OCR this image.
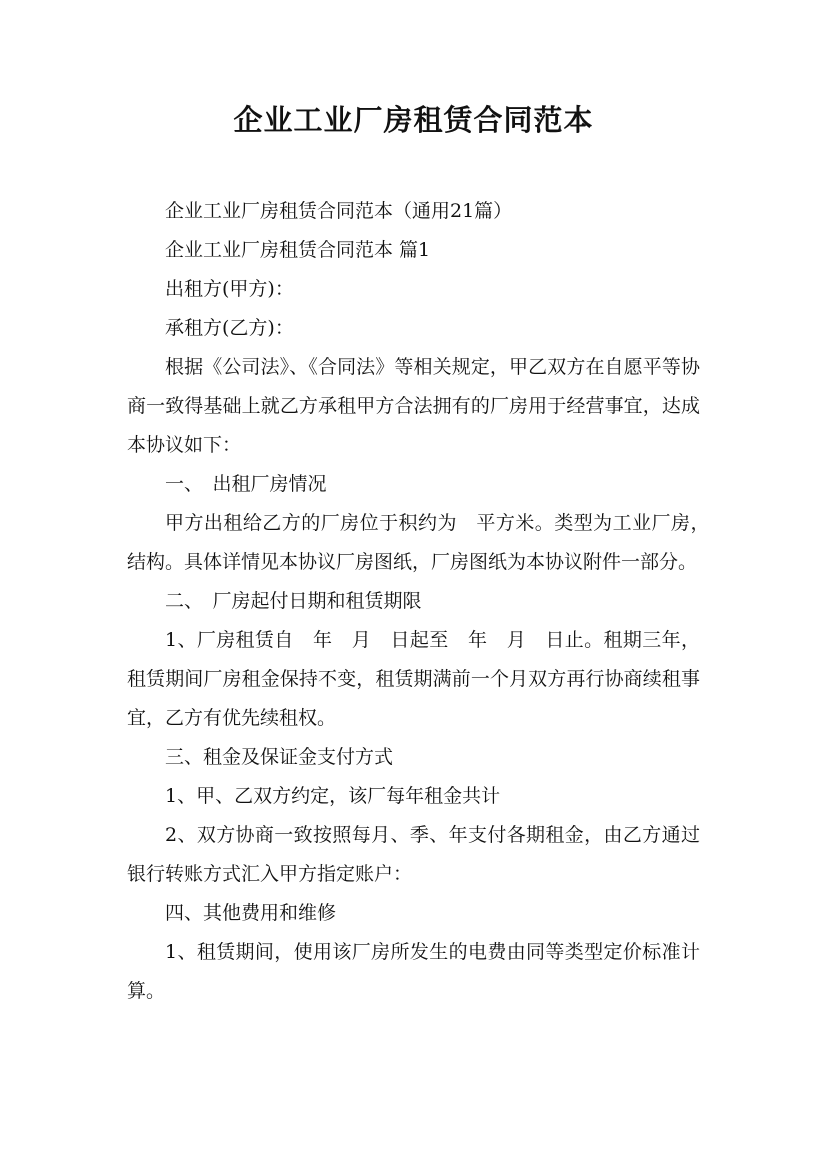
企业工业厂房租赁合同范本

企业工业厂房租赁合同范本（通用21篇）

企业工业厂房租赁合同范本 篇1

出租方(甲方)：

承租方(乙方)：

根据《公司法》、《合同法》等相关规定，甲乙双方在自愿平等协商一致得基础上就乙方承租甲方合法拥有的厂房用于经营事宜，达成本协议如下：

一、　出租厂房情况

甲方出租给乙方的厂房位于积约为　平方米。类型为工业厂房，　结构。具体详情见本协议厂房图纸，厂房图纸为本协议附件一部分。

二、　厂房起付日期和租赁期限

1、厂房租赁自　年　月　日起至　年　月　日止。租期三年，租赁期间厂房租金保持不变，租赁期满前一个月双方再行协商续租事宜，乙方有优先续租权。

三、租金及保证金支付方式

1、甲、乙双方约定，该厂每年租金共计

2、双方协商一致按照每月、季、年支付各期租金，由乙方通过银行转账方式汇入甲方指定账户：

四、其他费用和维修

1、租赁期间，使用该厂房所发生的电费由同等类型定价标准计算。
